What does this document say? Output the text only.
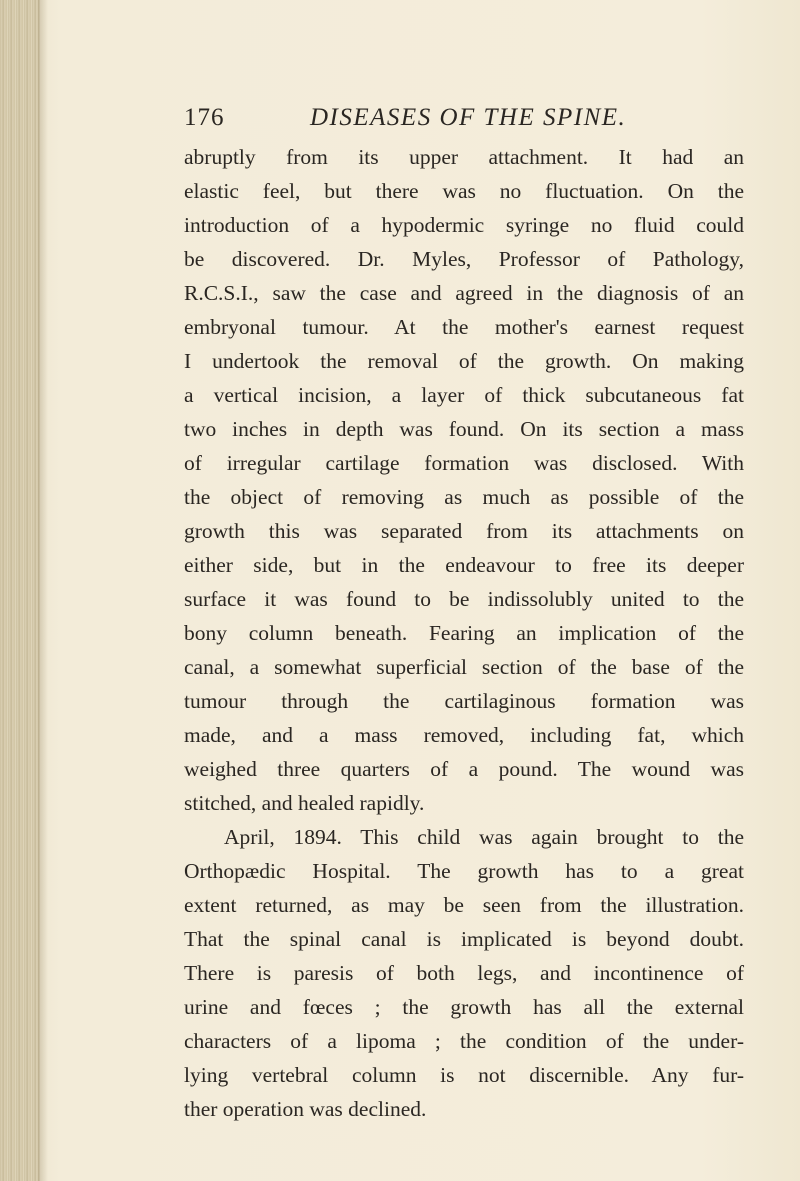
176	DISEASES OF THE SPINE.
abruptly from its upper attachment. It had an
elastic feel, but there was no fluctuation. On the
introduction of a hypodermic syringe no fluid could
be discovered. Dr. Myles, Professor of Pathology,
R.C.S.I., saw the case and agreed in the diagnosis of an
embryonal tumour. At the mother's earnest request
I undertook the removal of the growth. On making
a vertical incision, a layer of thick subcutaneous fat
two inches in depth was found. On its section a mass
of irregular cartilage formation was disclosed. With
the object of removing as much as possible of the
growth this was separated from its attachments on
either side, but in the endeavour to free its deeper
surface it was found to be indissolubly united to the
bony column beneath. Fearing an implication of the
canal, a somewhat superficial section of the base of the
tumour through the cartilaginous formation was
made, and a mass removed, including fat, which
weighed three quarters of a pound. The wound was
stitched, and healed rapidly.
April, 1894. This child was again brought to the
Orthopædic Hospital. The growth has to a great
extent returned, as may be seen from the illustration.
That the spinal canal is implicated is beyond doubt.
There is paresis of both legs, and incontinence of
urine and fœces ; the growth has all the external
characters of a lipoma ; the condition of the under-
lying vertebral column is not discernible. Any fur-
ther operation was declined.
